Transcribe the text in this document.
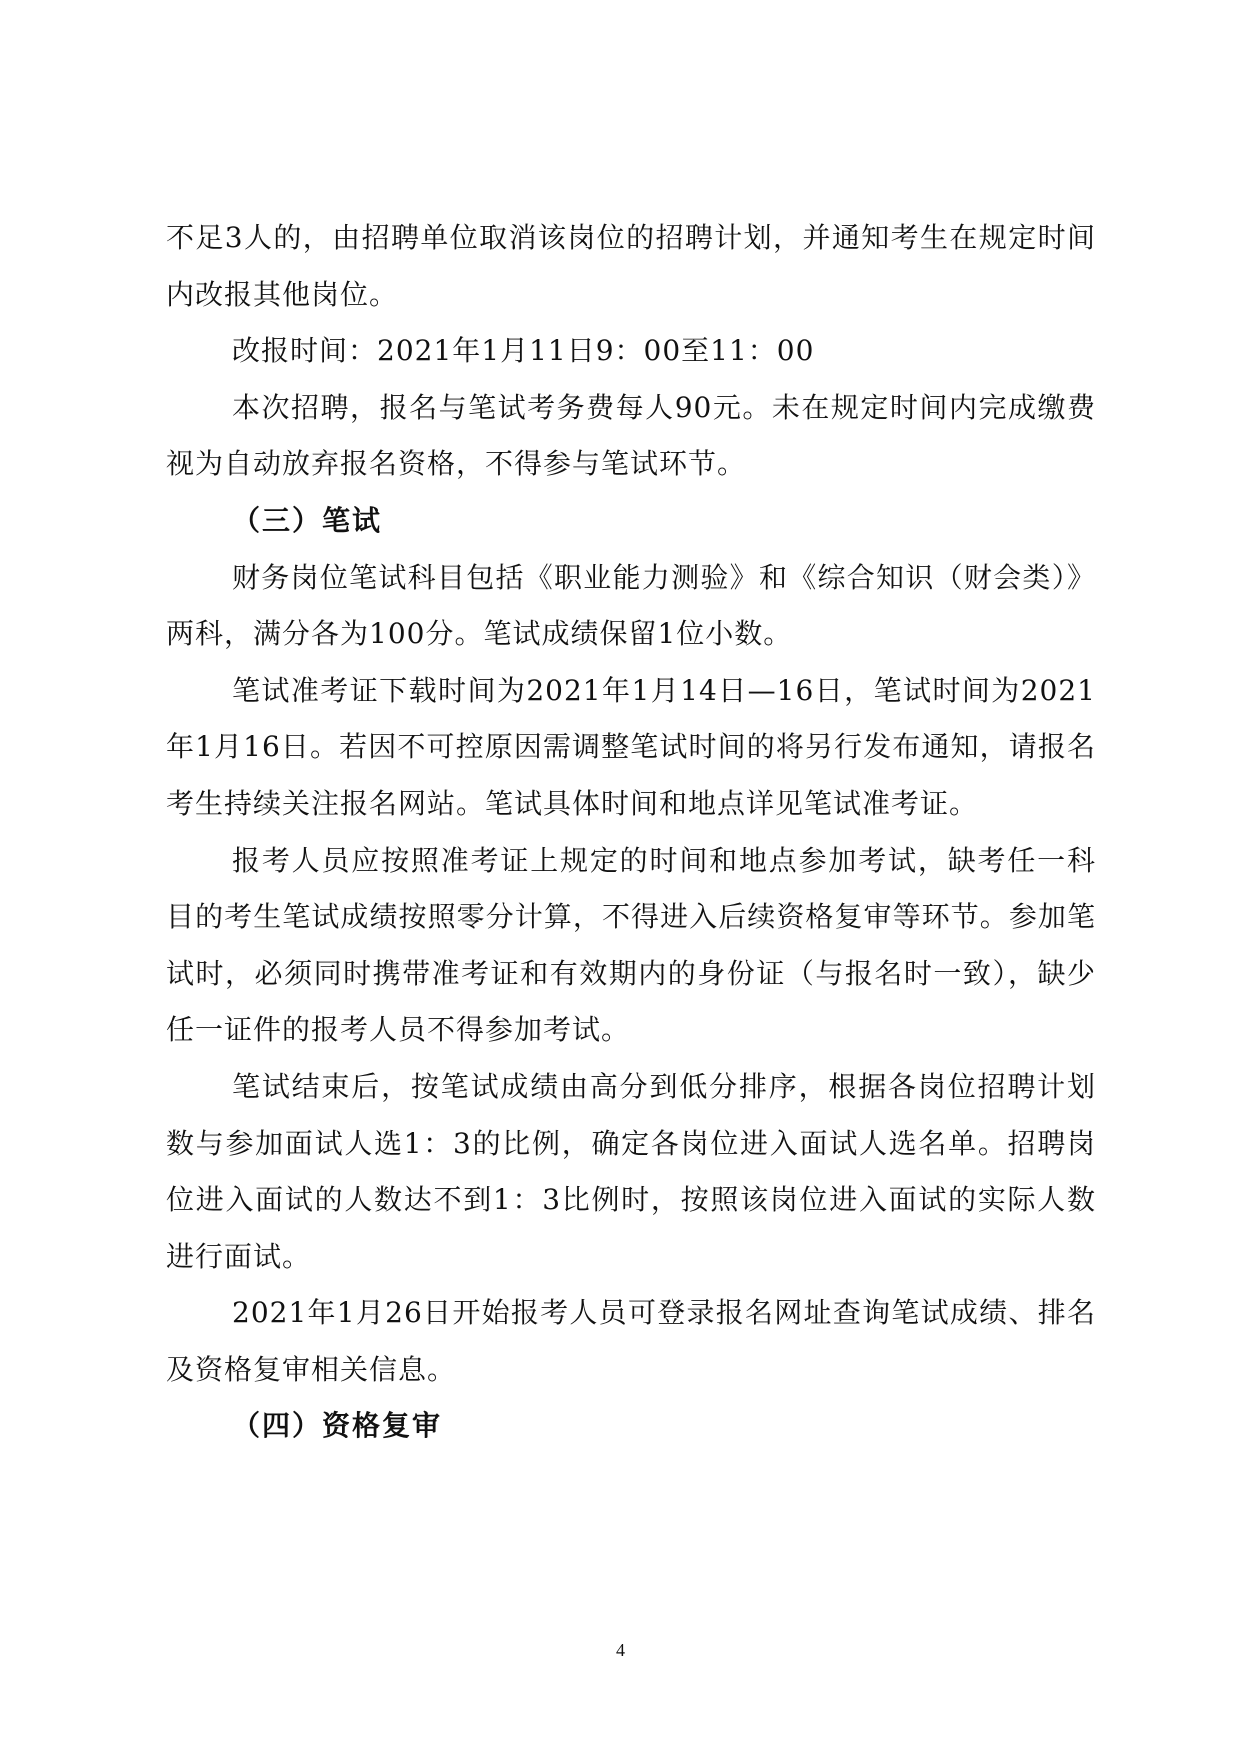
不足3人的，由招聘单位取消该岗位的招聘计划，并通知考生在规定时间内改报其他岗位。

改报时间：2021年1月11日9：00至11：00

本次招聘，报名与笔试考务费每人90元。未在规定时间内完成缴费视为自动放弃报名资格，不得参与笔试环节。

（三）笔试

财务岗位笔试科目包括《职业能力测验》和《综合知识（财会类）》两科，满分各为100分。笔试成绩保留1位小数。

笔试准考证下载时间为2021年1月14日—16日，笔试时间为2021年1月16日。若因不可控原因需调整笔试时间的将另行发布通知，请报名考生持续关注报名网站。笔试具体时间和地点详见笔试准考证。

报考人员应按照准考证上规定的时间和地点参加考试，缺考任一科目的考生笔试成绩按照零分计算，不得进入后续资格复审等环节。参加笔试时，必须同时携带准考证和有效期内的身份证（与报名时一致），缺少任一证件的报考人员不得参加考试。

笔试结束后，按笔试成绩由高分到低分排序，根据各岗位招聘计划数与参加面试人选1：3的比例，确定各岗位进入面试人选名单。招聘岗位进入面试的人数达不到1：3比例时，按照该岗位进入面试的实际人数进行面试。

2021年1月26日开始报考人员可登录报名网址查询笔试成绩、排名及资格复审相关信息。

（四）资格复审

4
